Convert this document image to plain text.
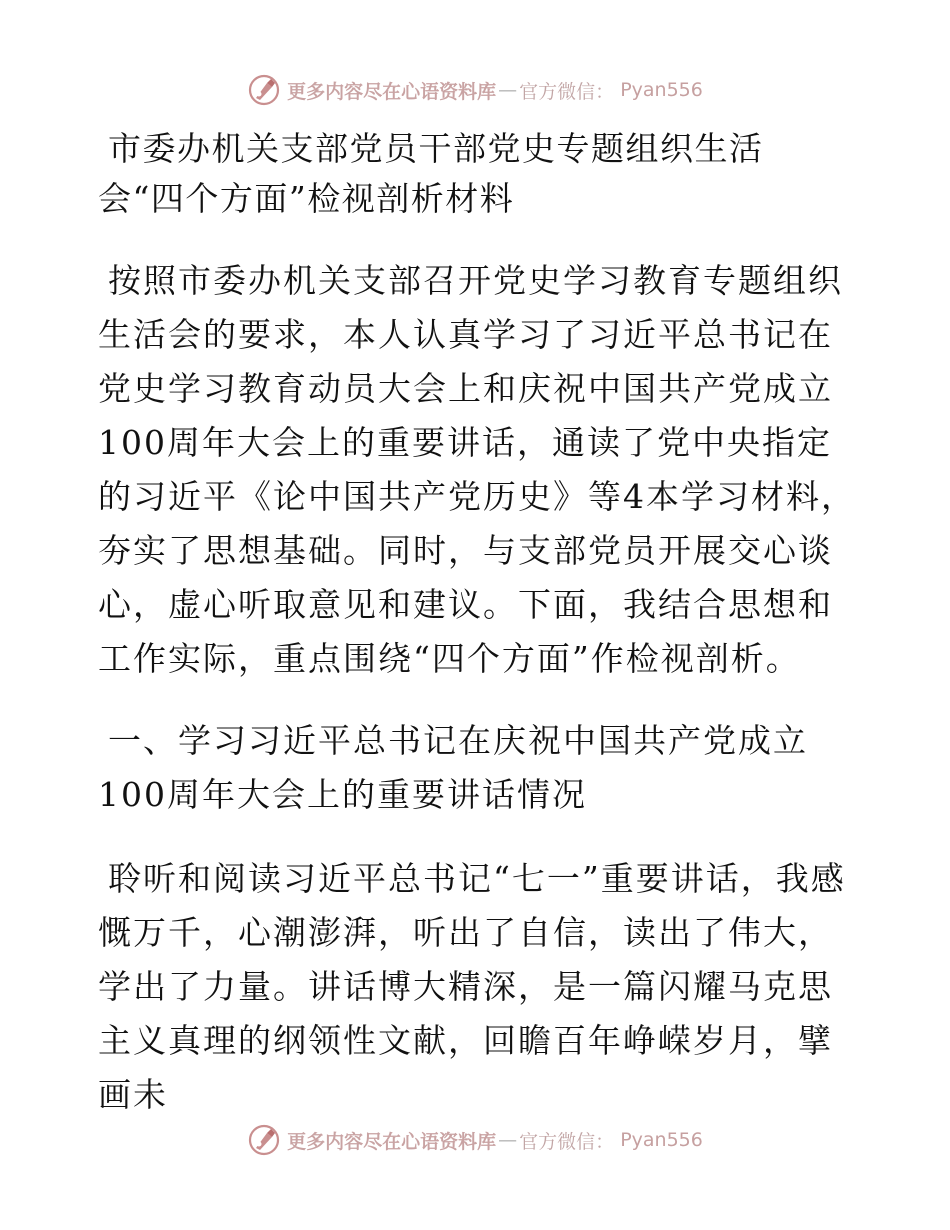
更多内容尽在心语资料库 — 官方微信： Pyan556
市委办机关支部党员干部党史专题组织生活
会“四个方面”检视剖析材料

按照市委办机关支部召开党史学习教育专题组织生活会的要求，本人认真学习了习近平总书记在党史学习教育动员大会上和庆祝中国共产党成立100周年大会上的重要讲话，通读了党中央指定的习近平《论中国共产党历史》等4本学习材料，夯实了思想基础。同时，与支部党员开展交心谈心，虚心听取意见和建议。下面，我结合思想和工作实际，重点围绕“四个方面”作检视剖析。

一、学习习近平总书记在庆祝中国共产党成立100周年大会上的重要讲话情况

聆听和阅读习近平总书记“七一”重要讲话，我感慨万千，心潮澎湃，听出了自信，读出了伟大，学出了力量。讲话博大精深，是一篇闪耀马克思主义真理的纲领性文献，回瞻百年峥嵘岁月，擘画未

更多内容尽在心语资料库 — 官方微信： Pyan556
